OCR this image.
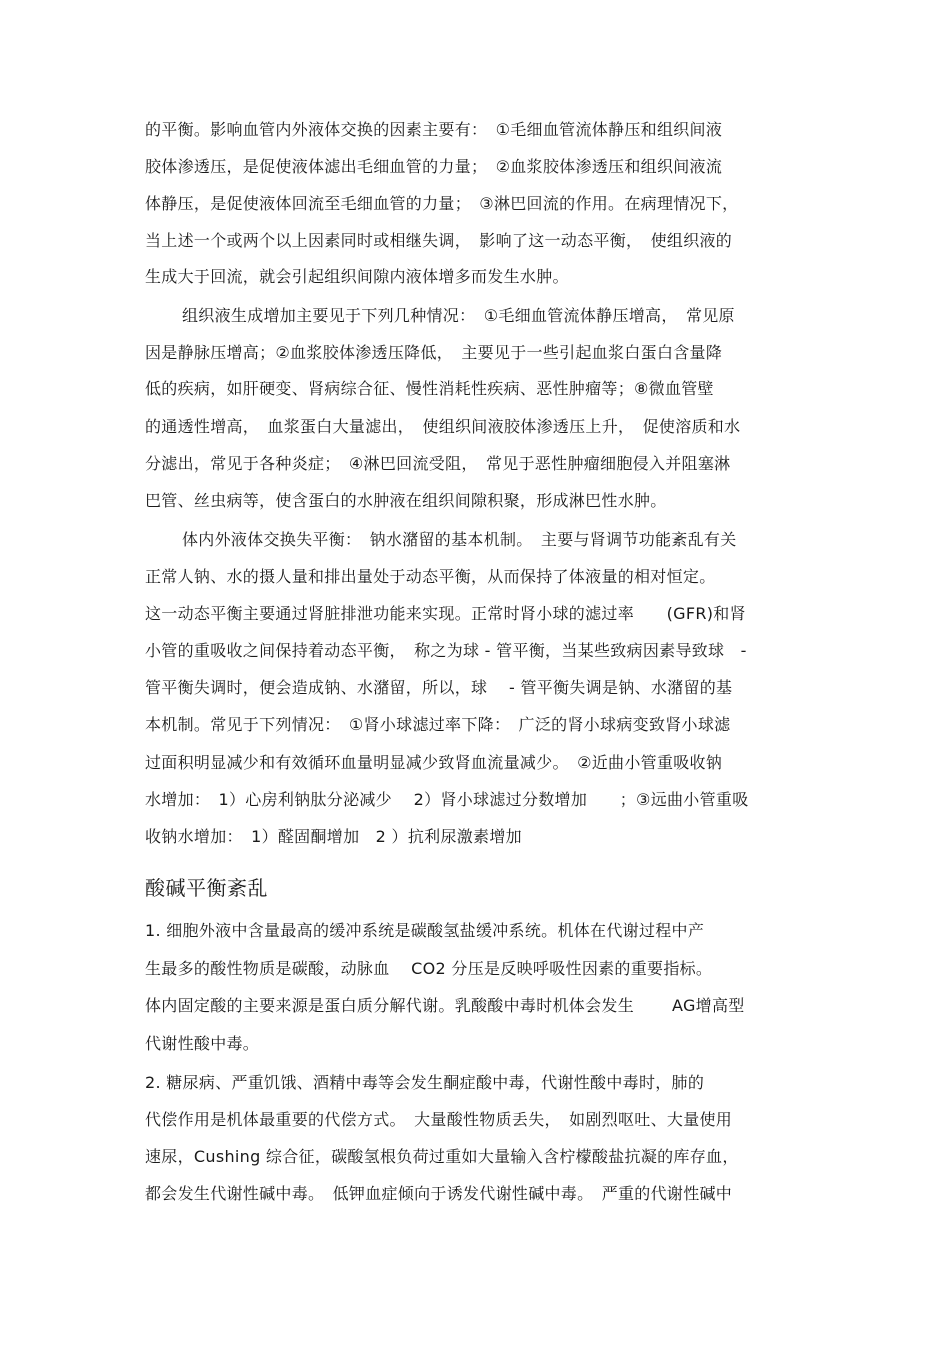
的平衡。影响血管内外液体交换的因素主要有：　①毛细血管流体静压和组织间液
胶体渗透压，是促使液体滤出毛细血管的力量；　②血浆胶体渗透压和组织间液流
体静压，是促使液体回流至毛细血管的力量；　③淋巴回流的作用。在病理情况下，
当上述一个或两个以上因素同时或相继失调，　影响了这一动态平衡，　使组织液的
生成大于回流，就会引起组织间隙内液体增多而发生水肿。
组织液生成增加主要见于下列几种情况：　①毛细血管流体静压增高，　常见原
因是静脉压增高；②血浆胶体渗透压降低，　主要见于一些引起血浆白蛋白含量降
低的疾病，如肝硬变、肾病综合征、慢性消耗性疾病、恶性肿瘤等；⑧微血管壁
的通透性增高，　血浆蛋白大量滤出，　使组织间液胶体渗透压上升，　促使溶质和水
分滤出，常见于各种炎症；　④淋巴回流受阻，　常见于恶性肿瘤细胞侵入并阻塞淋
巴管、丝虫病等，使含蛋白的水肿液在组织间隙积聚，形成淋巴性水肿。
体内外液体交换失平衡：　钠水潴留的基本机制。　主要与肾调节功能紊乱有关
正常人钠、水的摄人量和排出量处于动态平衡，从而保持了体液量的相对恒定。
这一动态平衡主要通过肾脏排泄功能来实现。正常时肾小球的滤过率　　(GFR)和肾
小管的重吸收之间保持着动态平衡，　称之为球 - 管平衡，当某些致病因素导致球　-
管平衡失调时，便会造成钠、水潴留，所以，球　 - 管平衡失调是钠、水潴留的基
本机制。常见于下列情况：　①肾小球滤过率下降：　广泛的肾小球病变致肾小球滤
过面积明显减少和有效循环血量明显减少致肾血流量减少。　②近曲小管重吸收钠
水增加：　1）心房利钠肽分泌减少　 2）肾小球滤过分数增加　　；③远曲小管重吸
收钠水增加：　1）醛固酮增加　2 ）抗利尿激素增加
酸碱平衡紊乱
1. 细胞外液中含量最高的缓冲系统是碳酸氢盐缓冲系统。机体在代谢过程中产
生最多的酸性物质是碳酸，动脉血　 CO2 分压是反映呼吸性因素的重要指标。
体内固定酸的主要来源是蛋白质分解代谢。乳酸酸中毒时机体会发生　　 AG增高型
代谢性酸中毒。
2. 糖尿病、严重饥饿、酒精中毒等会发生酮症酸中毒，代谢性酸中毒时，肺的
代偿作用是机体最重要的代偿方式。　大量酸性物质丢失，　如剧烈呕吐、大量使用
速尿，Cushing 综合征，碳酸氢根负荷过重如大量输入含柠檬酸盐抗凝的库存血，
都会发生代谢性碱中毒。　低钾血症倾向于诱发代谢性碱中毒。　严重的代谢性碱中
